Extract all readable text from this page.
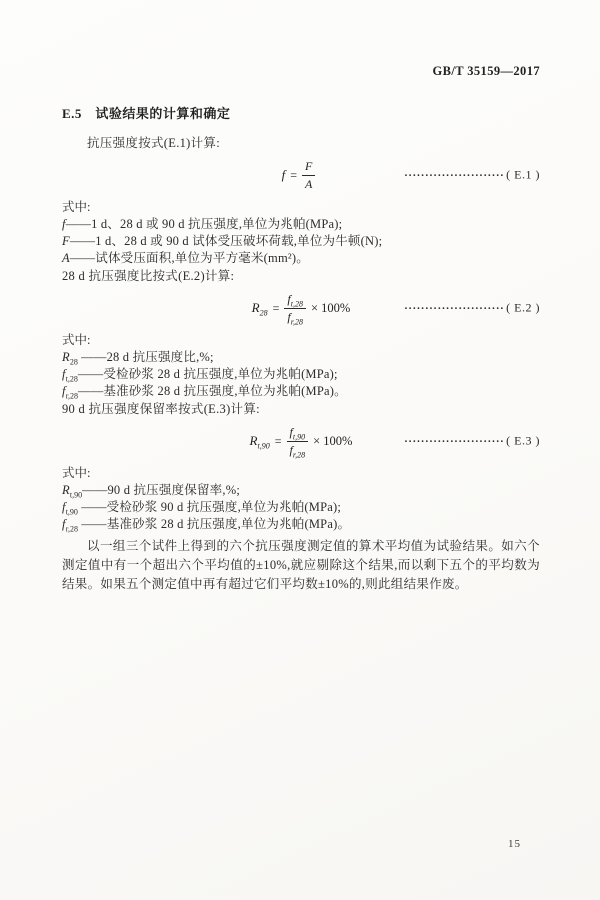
GB/T 35159—2017
E.5　试验结果的计算和确定
抗压强度按式(E.1)计算:
$f = \frac{F}{A}$	························ ( E.1 )
式中:
f——1 d、28 d 或 90 d 抗压强度,单位为兆帕(MPa);
F——1 d、28 d 或 90 d 试体受压破坏荷载,单位为牛顿(N);
A——试体受压面积,单位为平方毫米(mm²)。
28 d 抗压强度比按式(E.2)计算:
$R_{28} = \frac{f_{t,28}}{f_{r,28}} \times 100\%$	························ ( E.2 )
式中:
$R_{28}$ ——28 d 抗压强度比,%;
$f_{t,28}——$受检砂浆 28 d 抗压强度,单位为兆帕(MPa);
$f_{r,28}——$基准砂浆 28 d 抗压强度,单位为兆帕(MPa)。
90 d 抗压强度保留率按式(E.3)计算:
$R_{t,90} = \frac{f_{t,90}}{f_{r,28}} \times 100\%$	························ ( E.3 )
式中:
$R_{t,90}——90$ d 抗压强度保留率,%;
$f_{t,90}$ ——受检砂浆 90 d 抗压强度,单位为兆帕(MPa);
$f_{r,28}$ ——基准砂浆 28 d 抗压强度,单位为兆帕(MPa)。
以一组三个试件上得到的六个抗压强度测定值的算术平均值为试验结果。如六个测定值中有一个超出六个平均值的±10%,就应剔除这个结果,而以剩下五个的平均数为结果。如果五个测定值中再有超过它们平均数±10%的,则此组结果作废。
15
